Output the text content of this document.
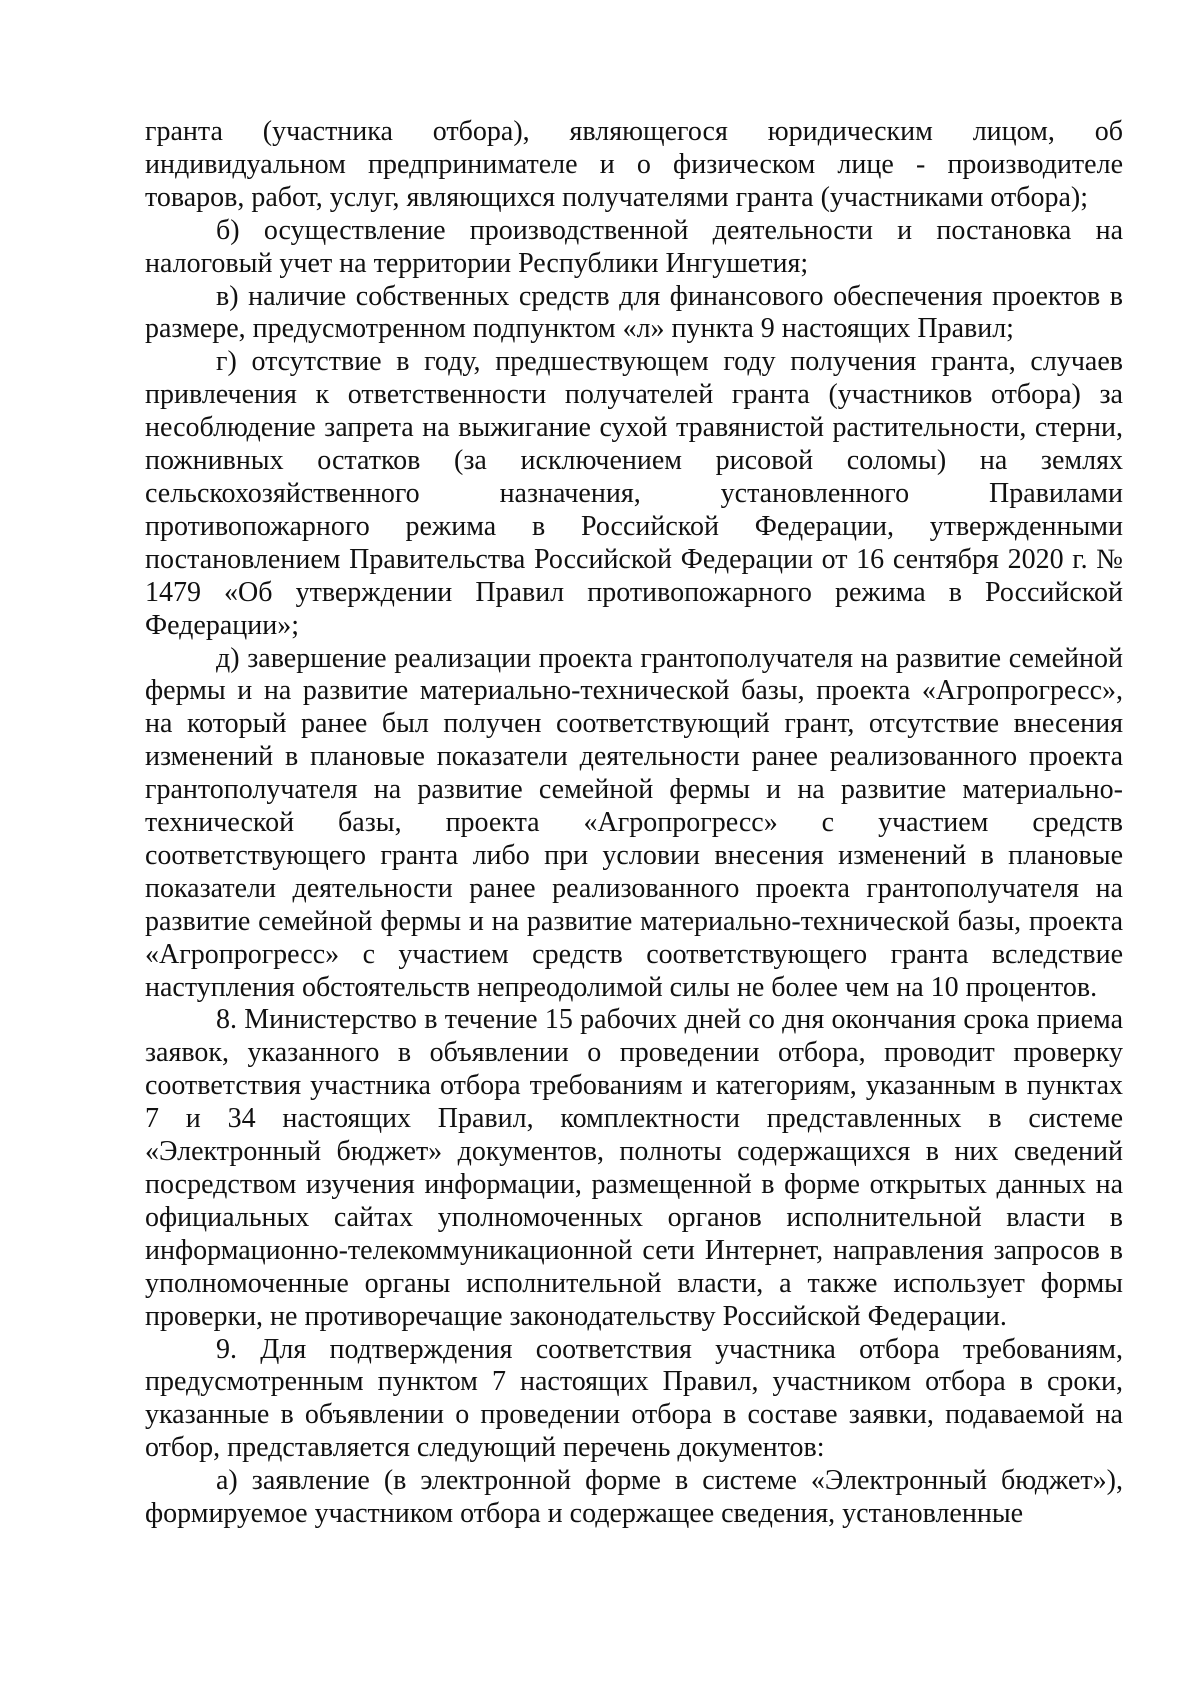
гранта (участника отбора), являющегося юридическим лицом, об индивидуальном предпринимателе и о физическом лице - производителе товаров, работ, услуг, являющихся получателями гранта (участниками отбора);

б) осуществление производственной деятельности и постановка на налоговый учет на территории Республики Ингушетия;

в) наличие собственных средств для финансового обеспечения проектов в размере, предусмотренном подпунктом «л» пункта 9 настоящих Правил;

г) отсутствие в году, предшествующем году получения гранта, случаев привлечения к ответственности получателей гранта (участников отбора) за несоблюдение запрета на выжигание сухой травянистой растительности, стерни, пожнивных остатков (за исключением рисовой соломы) на землях сельскохозяйственного назначения, установленного Правилами противопожарного режима в Российской Федерации, утвержденными постановлением Правительства Российской Федерации от 16 сентября 2020 г. № 1479 «Об утверждении Правил противопожарного режима в Российской Федерации»;

д) завершение реализации проекта грантополучателя на развитие семейной фермы и на развитие материально-технической базы, проекта «Агропрогресс», на который ранее был получен соответствующий грант, отсутствие внесения изменений в плановые показатели деятельности ранее реализованного проекта грантополучателя на развитие семейной фермы и на развитие материально-технической базы, проекта «Агропрогресс» с участием средств соответствующего гранта либо при условии внесения изменений в плановые показатели деятельности ранее реализованного проекта грантополучателя на развитие семейной фермы и на развитие материально-технической базы, проекта «Агропрогресс» с участием средств соответствующего гранта вследствие наступления обстоятельств непреодолимой силы не более чем на 10 процентов.

8. Министерство в течение 15 рабочих дней со дня окончания срока приема заявок, указанного в объявлении о проведении отбора, проводит проверку соответствия участника отбора требованиям и категориям, указанным в пунктах 7 и 34 настоящих Правил, комплектности представленных в системе «Электронный бюджет» документов, полноты содержащихся в них сведений посредством изучения информации, размещенной в форме открытых данных на официальных сайтах уполномоченных органов исполнительной власти в информационно-телекоммуникационной сети Интернет, направления запросов в уполномоченные органы исполнительной власти, а также использует формы проверки, не противоречащие законодательству Российской Федерации.

9. Для подтверждения соответствия участника отбора требованиям, предусмотренным пунктом 7 настоящих Правил, участником отбора в сроки, указанные в объявлении о проведении отбора в составе заявки, подаваемой на отбор, представляется следующий перечень документов:

а) заявление (в электронной форме в системе «Электронный бюджет»), формируемое участником отбора и содержащее сведения, установленные
